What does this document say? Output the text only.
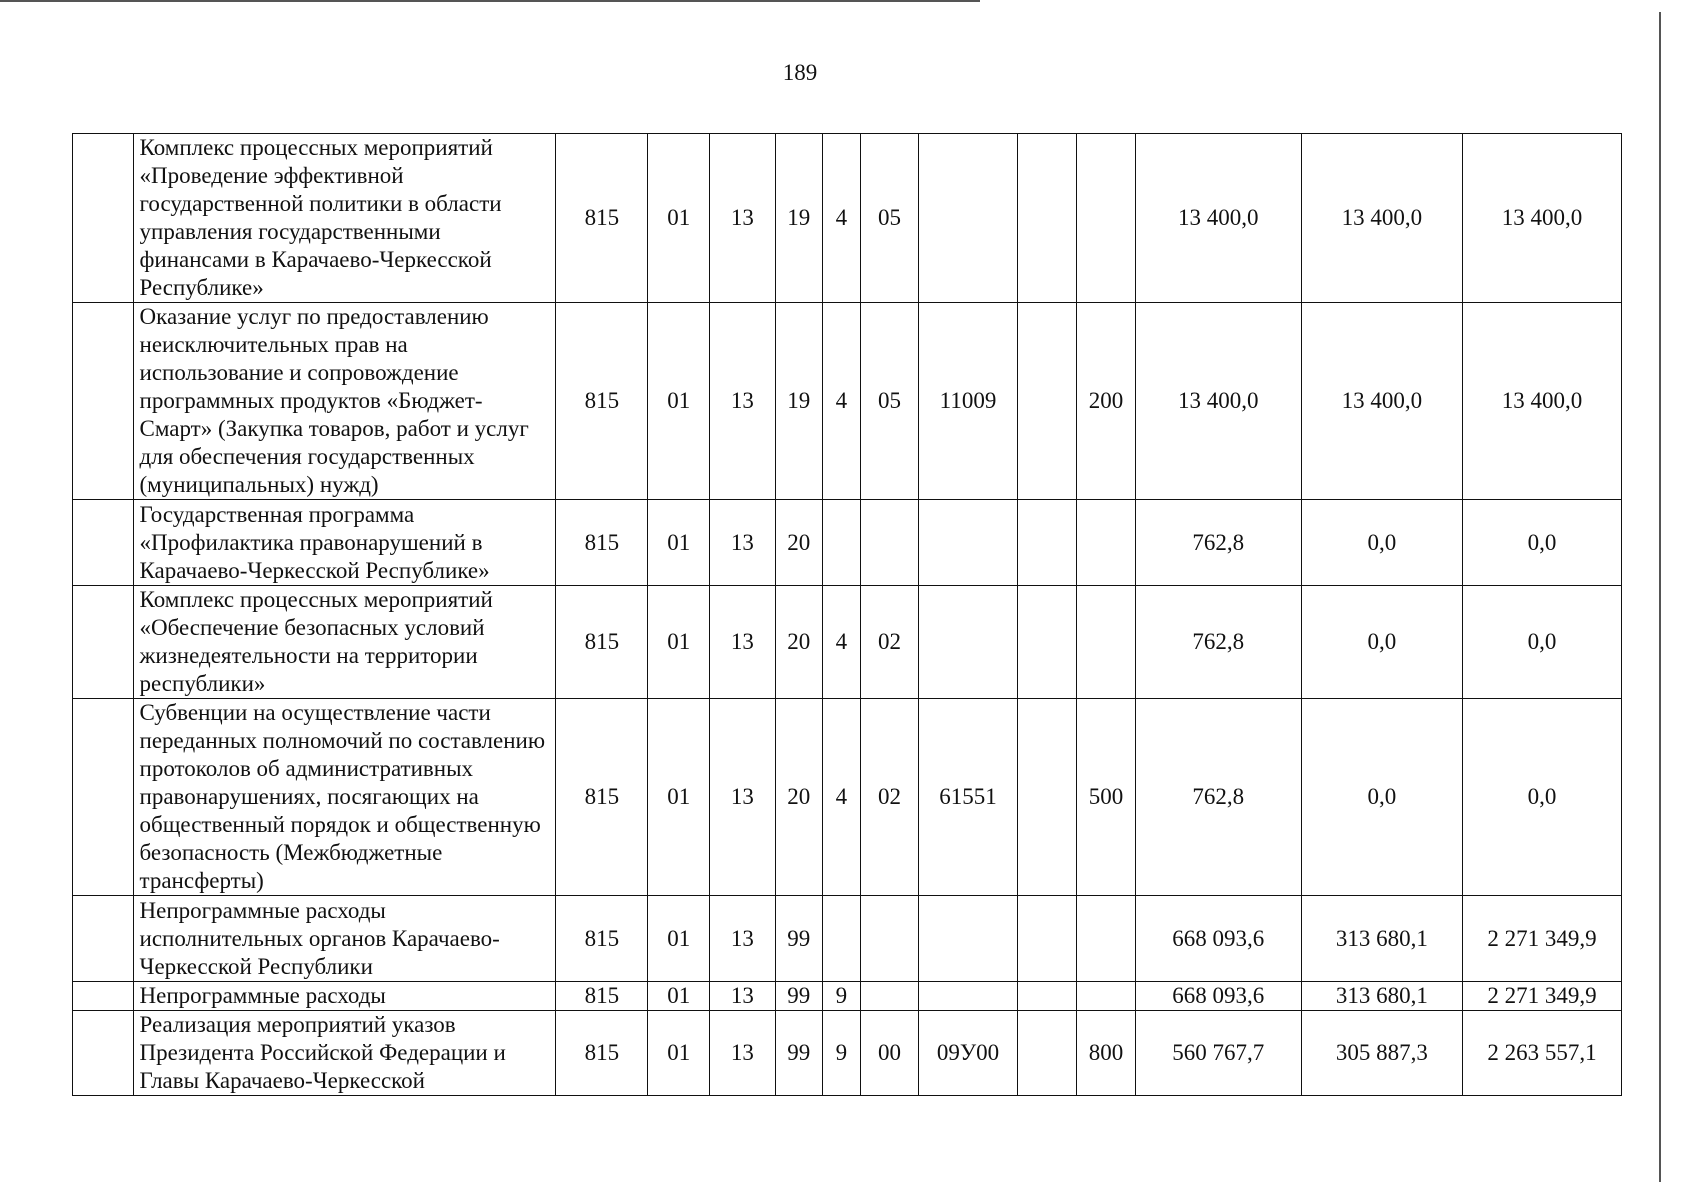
189
	Комплекс процессных мероприятий «Проведение эффективной государственной политики в области управления государственными финансами в Карачаево-Черкесской Республике»	815	01	13	19	4	05				13 400,0	13 400,0	13 400,0
	Оказание услуг по предоставлению неисключительных прав на использование и сопровождение программных продуктов «Бюджет-Смарт» (Закупка товаров, работ и услуг для обеспечения государственных (муниципальных) нужд)	815	01	13	19	4	05	11009		200	13 400,0	13 400,0	13 400,0
	Государственная программа «Профилактика правонарушений в Карачаево-Черкесской Республике»	815	01	13	20						762,8	0,0	0,0
	Комплекс процессных мероприятий «Обеспечение безопасных условий жизнедеятельности на территории республики»	815	01	13	20	4	02				762,8	0,0	0,0
	Субвенции на осуществление части переданных полномочий по составлению протоколов об административных правонарушениях, посягающих на общественный порядок и общественную безопасность (Межбюджетные трансферты)	815	01	13	20	4	02	61551		500	762,8	0,0	0,0
	Непрограммные расходы исполнительных органов Карачаево-Черкесской Республики	815	01	13	99						668 093,6	313 680,1	2 271 349,9
	Непрограммные расходы	815	01	13	99	9					668 093,6	313 680,1	2 271 349,9
	Реализация мероприятий указов Президента Российской Федерации и Главы Карачаево-Черкесской	815	01	13	99	9	00	09У00		800	560 767,7	305 887,3	2 263 557,1
